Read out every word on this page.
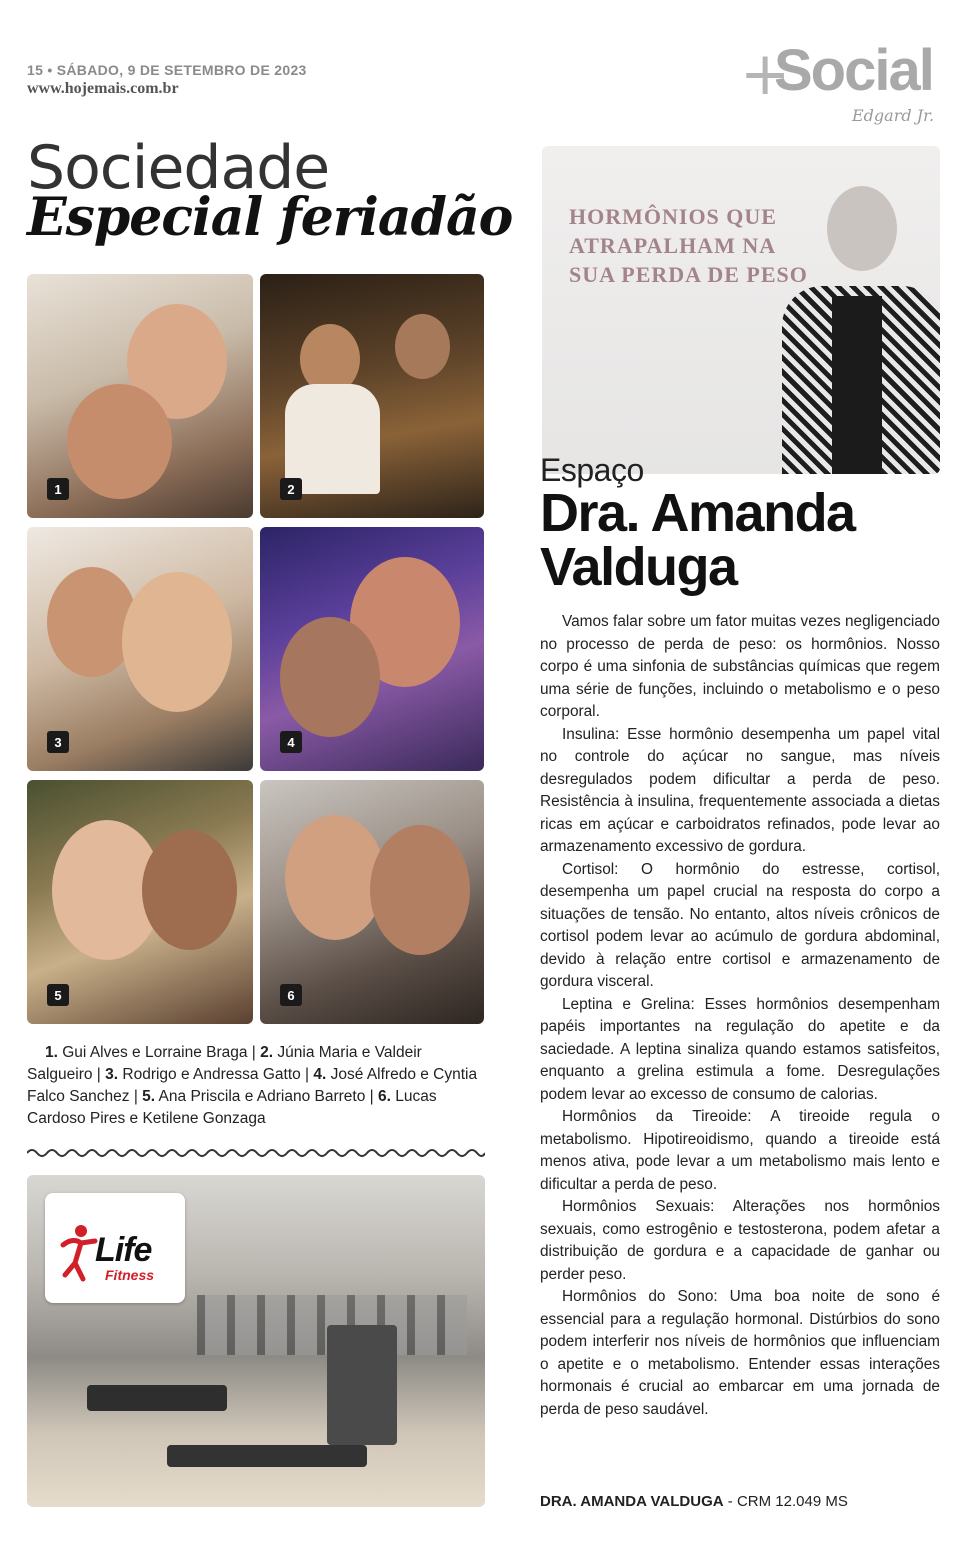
15 • SÁBADO, 9 DE SETEMBRO DE 2023
www.hojemais.com.br	+
Social
Edgard Jr.
Sociedade
Especial feriadão
1	2
3	4
5	6
1. Gui Alves e Lorraine Braga | 2. Júnia Maria e Valdeir Salgueiro | 3. Rodrigo e Andressa Gatto | 4. José Alfredo e Cyntia Falco Sanchez | 5. Ana Priscila e Adriano Barreto | 6. Lucas Cardoso Pires e Ketilene Gonzaga
Life
Fitness
HORMÔNIOS QUE ATRAPALHAM NA SUA PERDA DE PESO
Espaço
Dra. Amanda Valduga

Vamos falar sobre um fator muitas vezes negligenciado no processo de perda de peso: os hormônios. Nosso corpo é uma sinfonia de substâncias químicas que regem uma série de funções, incluindo o metabolismo e o peso corporal.

Insulina: Esse hormônio desempenha um papel vital no controle do açúcar no sangue, mas níveis desregulados podem dificultar a perda de peso. Resistência à insulina, frequentemente associada a dietas ricas em açúcar e carboidratos refinados, pode levar ao armazenamento excessivo de gordura.

Cortisol: O hormônio do estresse, cortisol, desempenha um papel crucial na resposta do corpo a situações de tensão. No entanto, altos níveis crônicos de cortisol podem levar ao acúmulo de gordura abdominal, devido à relação entre cortisol e armazenamento de gordura visceral.

Leptina e Grelina: Esses hormônios desempenham papéis importantes na regulação do apetite e da saciedade. A leptina sinaliza quando estamos satisfeitos, enquanto a grelina estimula a fome. Desregulações podem levar ao excesso de consumo de calorias.

Hormônios da Tireoide: A tireoide regula o metabolismo. Hipotireoidismo, quando a tireoide está menos ativa, pode levar a um metabolismo mais lento e dificultar a perda de peso.

Hormônios Sexuais: Alterações nos hormônios sexuais, como estrogênio e testosterona, podem afetar a distribuição de gordura e a capacidade de ganhar ou perder peso.

Hormônios do Sono: Uma boa noite de sono é essencial para a regulação hormonal. Distúrbios do sono podem interferir nos níveis de hormônios que influenciam o apetite e o metabolismo. Entender essas interações hormonais é crucial ao embarcar em uma jornada de perda de peso saudável.

DRA. AMANDA VALDUGA - CRM 12.049 MS
